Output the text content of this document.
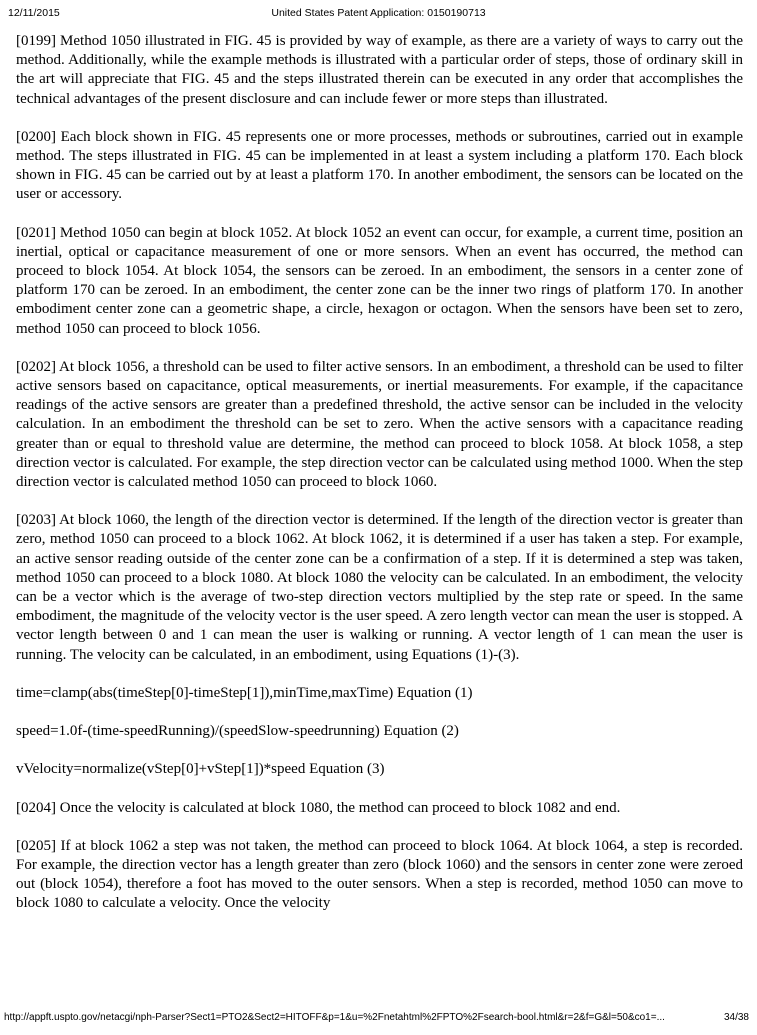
12/11/2015	United States Patent Application: 0150190713

[0199] Method 1050 illustrated in FIG. 45 is provided by way of example, as there are a variety of ways to carry out the method. Additionally, while the example methods is illustrated with a particular order of steps, those of ordinary skill in the art will appreciate that FIG. 45 and the steps illustrated therein can be executed in any order that accomplishes the technical advantages of the present disclosure and can include fewer or more steps than illustrated.

[0200] Each block shown in FIG. 45 represents one or more processes, methods or subroutines, carried out in example method. The steps illustrated in FIG. 45 can be implemented in at least a system including a platform 170. Each block shown in FIG. 45 can be carried out by at least a platform 170. In another embodiment, the sensors can be located on the user or accessory.

[0201] Method 1050 can begin at block 1052. At block 1052 an event can occur, for example, a current time, position an inertial, optical or capacitance measurement of one or more sensors. When an event has occurred, the method can proceed to block 1054. At block 1054, the sensors can be zeroed. In an embodiment, the sensors in a center zone of platform 170 can be zeroed. In an embodiment, the center zone can be the inner two rings of platform 170. In another embodiment center zone can a geometric shape, a circle, hexagon or octagon. When the sensors have been set to zero, method 1050 can proceed to block 1056.

[0202] At block 1056, a threshold can be used to filter active sensors. In an embodiment, a threshold can be used to filter active sensors based on capacitance, optical measurements, or inertial measurements. For example, if the capacitance readings of the active sensors are greater than a predefined threshold, the active sensor can be included in the velocity calculation. In an embodiment the threshold can be set to zero. When the active sensors with a capacitance reading greater than or equal to threshold value are determine, the method can proceed to block 1058. At block 1058, a step direction vector is calculated. For example, the step direction vector can be calculated using method 1000. When the step direction vector is calculated method 1050 can proceed to block 1060.

[0203] At block 1060, the length of the direction vector is determined. If the length of the direction vector is greater than zero, method 1050 can proceed to a block 1062. At block 1062, it is determined if a user has taken a step. For example, an active sensor reading outside of the center zone can be a confirmation of a step. If it is determined a step was taken, method 1050 can proceed to a block 1080. At block 1080 the velocity can be calculated. In an embodiment, the velocity can be a vector which is the average of two-step direction vectors multiplied by the step rate or speed. In the same embodiment, the magnitude of the velocity vector is the user speed. A zero length vector can mean the user is stopped. A vector length between 0 and 1 can mean the user is walking or running. A vector length of 1 can mean the user is running. The velocity can be calculated, in an embodiment, using Equations (1)-(3).

time=clamp(abs(timeStep[0]-timeStep[1]),minTime,maxTime) Equation (1)

speed=1.0f-(time-speedRunning)/(speedSlow-speedrunning) Equation (2)

vVelocity=normalize(vStep[0]+vStep[1])*speed Equation (3)

[0204] Once the velocity is calculated at block 1080, the method can proceed to block 1082 and end.

[0205] If at block 1062 a step was not taken, the method can proceed to block 1064. At block 1064, a step is recorded. For example, the direction vector has a length greater than zero (block 1060) and the sensors in center zone were zeroed out (block 1054), therefore a foot has moved to the outer sensors. When a step is recorded, method 1050 can move to block 1080 to calculate a velocity. Once the velocity

http://appft.uspto.gov/netacgi/nph-Parser?Sect1=PTO2&Sect2=HITOFF&p=1&u=%2Fnetahtml%2FPTO%2Fsearch-bool.html&r=2&f=G&l=50&co1=...	34/38
